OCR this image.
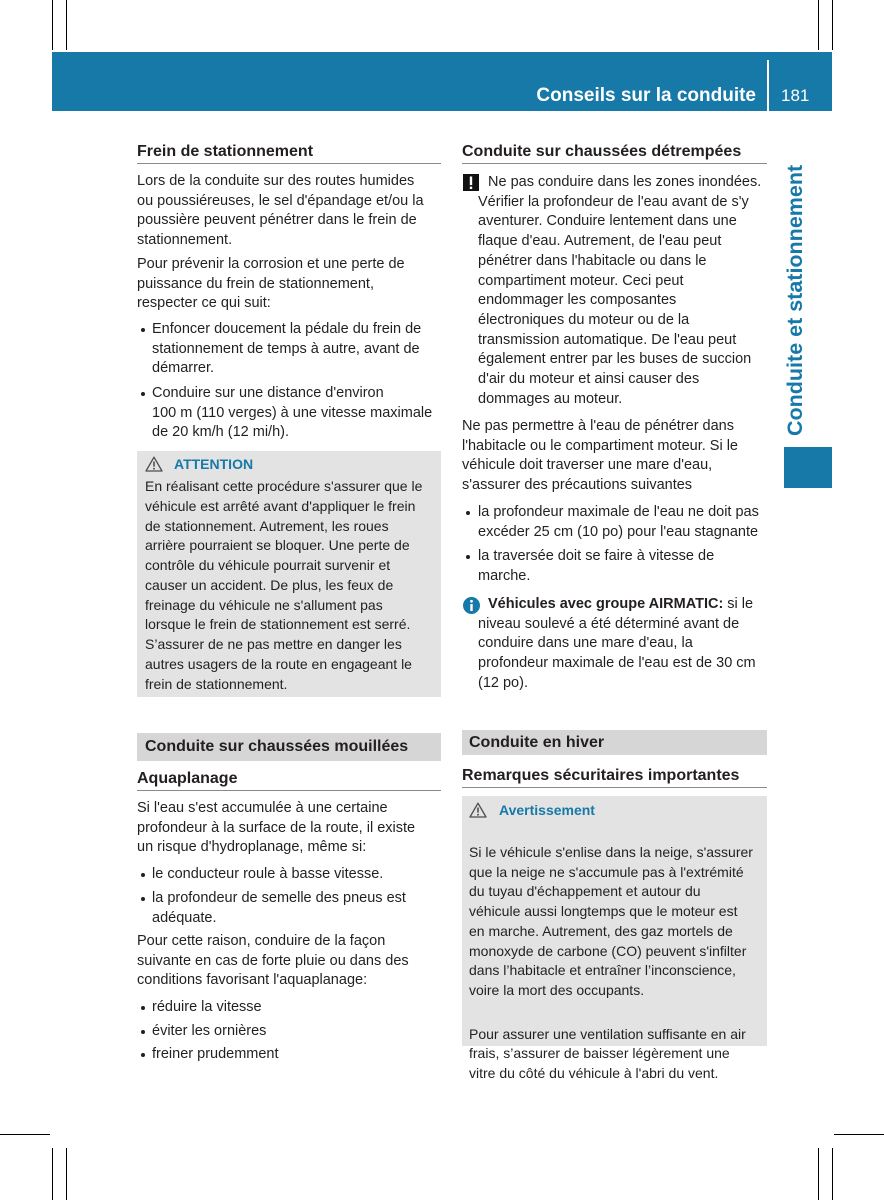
Conseils sur la conduite 181
Conduite et stationnement
Frein de stationnement
Lors de la conduite sur des routes humides
ou poussiéreuses, le sel d'épandage et/ou la
poussière peuvent pénétrer dans le frein de
stationnement.
Pour prévenir la corrosion et une perte de
puissance du frein de stationnement,
respecter ce qui suit:
Enfoncer doucement la pédale du frein de
stationnement de temps à autre, avant de
démarrer.
Conduire sur une distance d'environ
100 m (110 verges) à une vitesse maximale
de 20 km/h (12 mi/h).
ATTENTION
En réalisant cette procédure s'assurer que le
véhicule est arrêté avant d'appliquer le frein
de stationnement. Autrement, les roues
arrière pourraient se bloquer. Une perte de
contrôle du véhicule pourrait survenir et
causer un accident. De plus, les feux de
freinage du véhicule ne s'allument pas
lorsque le frein de stationnement est serré.
S’assurer de ne pas mettre en danger les
autres usagers de la route en engageant le
frein de stationnement.
Conduite sur chaussées mouillées
Aquaplanage
Si l'eau s'est accumulée à une certaine
profondeur à la surface de la route, il existe
un risque d'hydroplanage, même si:
le conducteur roule à basse vitesse.
la profondeur de semelle des pneus est
adéquate.
Pour cette raison, conduire de la façon
suivante en cas de forte pluie ou dans des
conditions favorisant l'aquaplanage:
réduire la vitesse
éviter les ornières
freiner prudemment
Conduite sur chaussées détrempées
Ne pas conduire dans les zones inondées.
Vérifier la profondeur de l'eau avant de s'y
aventurer. Conduire lentement dans une
flaque d'eau. Autrement, de l'eau peut
pénétrer dans l'habitacle ou dans le
compartiment moteur. Ceci peut
endommager les composantes
électroniques du moteur ou de la
transmission automatique. De l'eau peut
également entrer par les buses de succion
d'air du moteur et ainsi causer des
dommages au moteur.
Ne pas permettre à l'eau de pénétrer dans
l'habitacle ou le compartiment moteur. Si le
véhicule doit traverser une mare d'eau,
s'assurer des précautions suivantes
la profondeur maximale de l'eau ne doit pas
excéder 25 cm (10 po) pour l'eau stagnante
la traversée doit se faire à vitesse de
marche.
Véhicules avec groupe AIRMATIC: si le
niveau soulevé a été déterminé avant de
conduire dans une mare d'eau, la
profondeur maximale de l'eau est de 30 cm
(12 po).
Conduite en hiver
Remarques sécuritaires importantes
Avertissement

Si le véhicule s'enlise dans la neige, s'assurer
que la neige ne s'accumule pas à l'extrémité
du tuyau d'échappement et autour du
véhicule aussi longtemps que le moteur est
en marche. Autrement, des gaz mortels de
monoxyde de carbone (CO) peuvent s'infilter
dans l’habitacle et entraîner l’inconscience,
voire la mort des occupants.

Pour assurer une ventilation suffisante en air
frais, s’assurer de baisser légèrement une
vitre du côté du véhicule à l'abri du vent.
